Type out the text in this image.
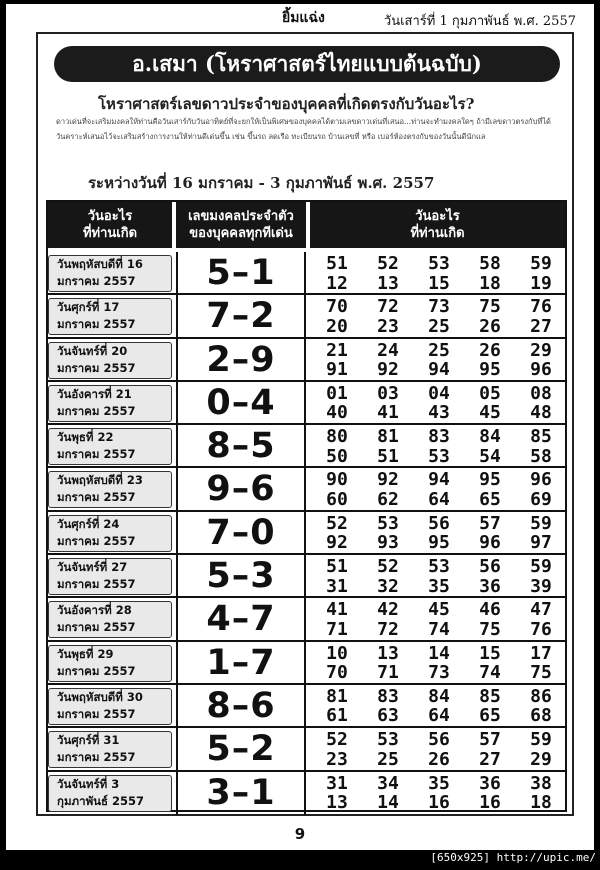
ยิ้มแฉ่ง	วันเสาร์ที่ 1 กุมภาพันธ์ พ.ศ. 2557
อ.เสมา (โหราศาสตร์ไทยแบบต้นฉบับ)
โหราศาสตร์เลขดาวประจำของบุคคลที่เกิดตรงกับวันอะไร?
ดาวเด่นที่จะเสริมมงคลให้ท่านคือวันเสาร์กับวันอาทิตย์ที่จะยกให้เป็นพิเศษของบุคคลได้ตามเลขดาวเด่นที่เสนอ...ท่านจะทำมงคลใดๆ ถ้ามีเลขดาวตรงกับที่ได้วันคราะห์เสนอไว้จะเสริมสร้างการงานให้ท่านดีเด่นขึ้น เช่น ขึ้นรถ ลดเรือ ทะเบียนรถ บ้านเลขที่ หรือ เบอร์ห้องตรงกับของวันนั้นดีนักแล
ระหว่างวันที่ 16 มกราคม - 3 กุมภาพันธ์ พ.ศ. 2557
วันอะไร
ที่ท่านเกิด
เลขมงคลประจำตัว
ของบุคคลทุกทีเด่น
วันอะไร
ที่ท่านเกิด
วันพฤหัสบดีที่ 16
มกราคม 2557	5–1	51	52	53	58	59
12	13	15	18	19
วันศุกร์ที่ 17
มกราคม 2557	7–2	70	72	73	75	76
20	23	25	26	27
วันจันทร์ที่ 20
มกราคม 2557	2–9	21	24	25	26	29
91	92	94	95	96
วันอังคารที่ 21
มกราคม 2557	0–4	01	03	04	05	08
40	41	43	45	48
วันพุธที่ 22
มกราคม 2557	8–5	80	81	83	84	85
50	51	53	54	58
วันพฤหัสบดีที่ 23
มกราคม 2557	9–6	90	92	94	95	96
60	62	64	65	69
วันศุกร์ที่ 24
มกราคม 2557	7–0	52	53	56	57	59
92	93	95	96	97
วันจันทร์ที่ 27
มกราคม 2557	5–3	51	52	53	56	59
31	32	35	36	39
วันอังคารที่ 28
มกราคม 2557	4–7	41	42	45	46	47
71	72	74	75	76
วันพุธที่ 29
มกราคม 2557	1–7	10	13	14	15	17
70	71	73	74	75
วันพฤหัสบดีที่ 30
มกราคม 2557	8–6	81	83	84	85	86
61	63	64	65	68
วันศุกร์ที่ 31
มกราคม 2557	5–2	52	53	56	57	59
23	25	26	27	29
วันจันทร์ที่ 3
กุมภาพันธ์ 2557	3–1	31	34	35	36	38
13	14	16	16	18
9
[650x925] http://upic.me/
